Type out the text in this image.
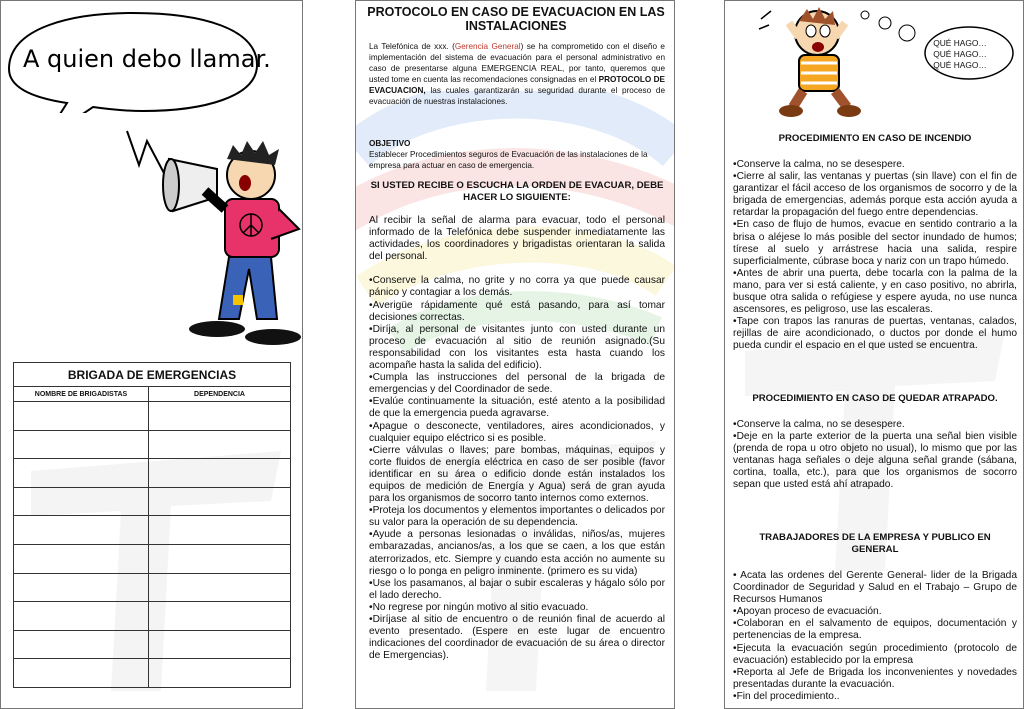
A quien debo llamar.
BRIGADA DE EMERGENCIAS	
NOMBRE DE BRIGADISTAS	DEPENDENCIA

PROTOCOLO EN CASO DE EVACUACION EN LAS INSTALACIONES
La Telefónica de xxx. (Gerencia General) se ha comprometido con el diseño e implementación del sistema de evacuación para el personal administrativo en caso de presentarse alguna EMERGENCIA REAL, por tanto, queremos que usted tome en cuenta las recomendaciones consignadas en el PROTOCOLO DE EVACUACION, las cuales garantizarán su seguridad durante el proceso de evacuación de nuestras instalaciones.
OBJETIVO
Establecer Procedimientos seguros de Evacuación de las instalaciones de la empresa para actuar en caso de emergencia.
SI USTED RECIBE O ESCUCHA LA ORDEN DE EVACUAR, DEBE HACER LO SIGUIENTE:

Al recibir la señal de alarma para evacuar, todo el personal informado de la Telefónica debe suspender inmediatamente las actividades, los coordinadores y brigadistas orientaran la salida del personal.

•Conserve la calma, no grite y no corra ya que puede causar pánico y contagiar a los demás.

•Averigüe rápidamente qué está pasando, para así tomar decisiones correctas.

•Diríja, al personal de visitantes junto con usted durante un proceso de evacuación al sitio de reunión asignado.(Su responsabilidad con los visitantes esta hasta cuando los acompañe hasta la salida del edificio).

•Cumpla las instrucciones del personal de la brigada de emergencias y del Coordinador de sede.

•Evalúe continuamente la situación, esté atento a la posibilidad de que la emergencia pueda agravarse.

•Apague o desconecte, ventiladores, aires acondicionados, y cualquier equipo eléctrico si es posible.

•Cierre válvulas o llaves; pare bombas, máquinas, equipos y corte fluidos de energía eléctrica en caso de ser posible (favor identificar en su área o edificio donde están instalados los equipos de medición de Energía y Agua) será de gran ayuda para los organismos de socorro tanto internos como externos.

•Proteja los documentos y elementos importantes o delicados por su valor para la operación de su dependencia.

•Ayude a personas lesionadas o inválidas, niños/as, mujeres embarazadas, ancianos/as, a los que se caen, a los que están aterrorizados, etc. Siempre y cuando esta acción no aumente su riesgo o lo ponga en peligro inminente. (primero es su vida)

•Use los pasamanos, al bajar o subir escaleras y hágalo sólo por el lado derecho.

•No regrese por ningún motivo al sitio evacuado.

•Diríjase al sitio de encuentro o de reunión final de acuerdo al evento presentado. (Espere en este lugar de encuentro indicaciones del coordinador de evacuación de su área o director de Emergencias).

QUÉ HAGO…
QUÉ HAGO…
QUÉ HAGO…
PROCEDIMIENTO EN CASO DE INCENDIO

•Conserve la calma, no se desespere.

•Cierre al salir, las ventanas y puertas (sin llave) con el fin de garantizar el fácil acceso de los organismos de socorro y de la brigada de emergencias, además porque esta acción ayuda a retardar la propagación del fuego entre dependencias.

•En caso de flujo de humos, evacue en sentido contrario a la brisa o aléjese lo más posible del sector inundado de humos; tírese al suelo y arrástrese hacia una salida, respire superficialmente, cúbrase boca y nariz con un trapo húmedo.

•Antes de abrir una puerta, debe tocarla con la palma de la mano, para ver si está caliente, y en caso positivo, no abrirla, busque otra salida o refúgiese y espere ayuda, no use nunca ascensores, es peligroso, use las escaleras.

•Tape con trapos las ranuras de puertas, ventanas, calados, rejillas de aire acondicionado, o ductos por donde el humo pueda cundir el espacio en el que usted se encuentra.

PROCEDIMIENTO EN CASO DE QUEDAR ATRAPADO.

•Conserve la calma, no se desespere.

•Deje en la parte exterior de la puerta una señal bien visible (prenda de ropa u otro objeto no usual), lo mismo que por las ventanas haga señales o deje alguna señal grande (sábana, cortina, toalla, etc.), para que los organismos de socorro sepan que usted está ahí atrapado.

TRABAJADORES DE LA EMPRESA Y PUBLICO EN GENERAL

• Acata las ordenes del Gerente General- lider de la Brigada Coordinador de Seguridad y Salud en el Trabajo – Grupo de Recursos Humanos

•Apoyan proceso de evacuación.

•Colaboran en el salvamento de equipos, documentación y pertenencias de la empresa.

•Ejecuta la evacuación según procedimiento (protocolo de evacuación) establecido por la empresa

•Reporta al Jefe de Brigada los inconvenientes y novedades presentadas durante la evacuación.

•Fin del procedimiento..
